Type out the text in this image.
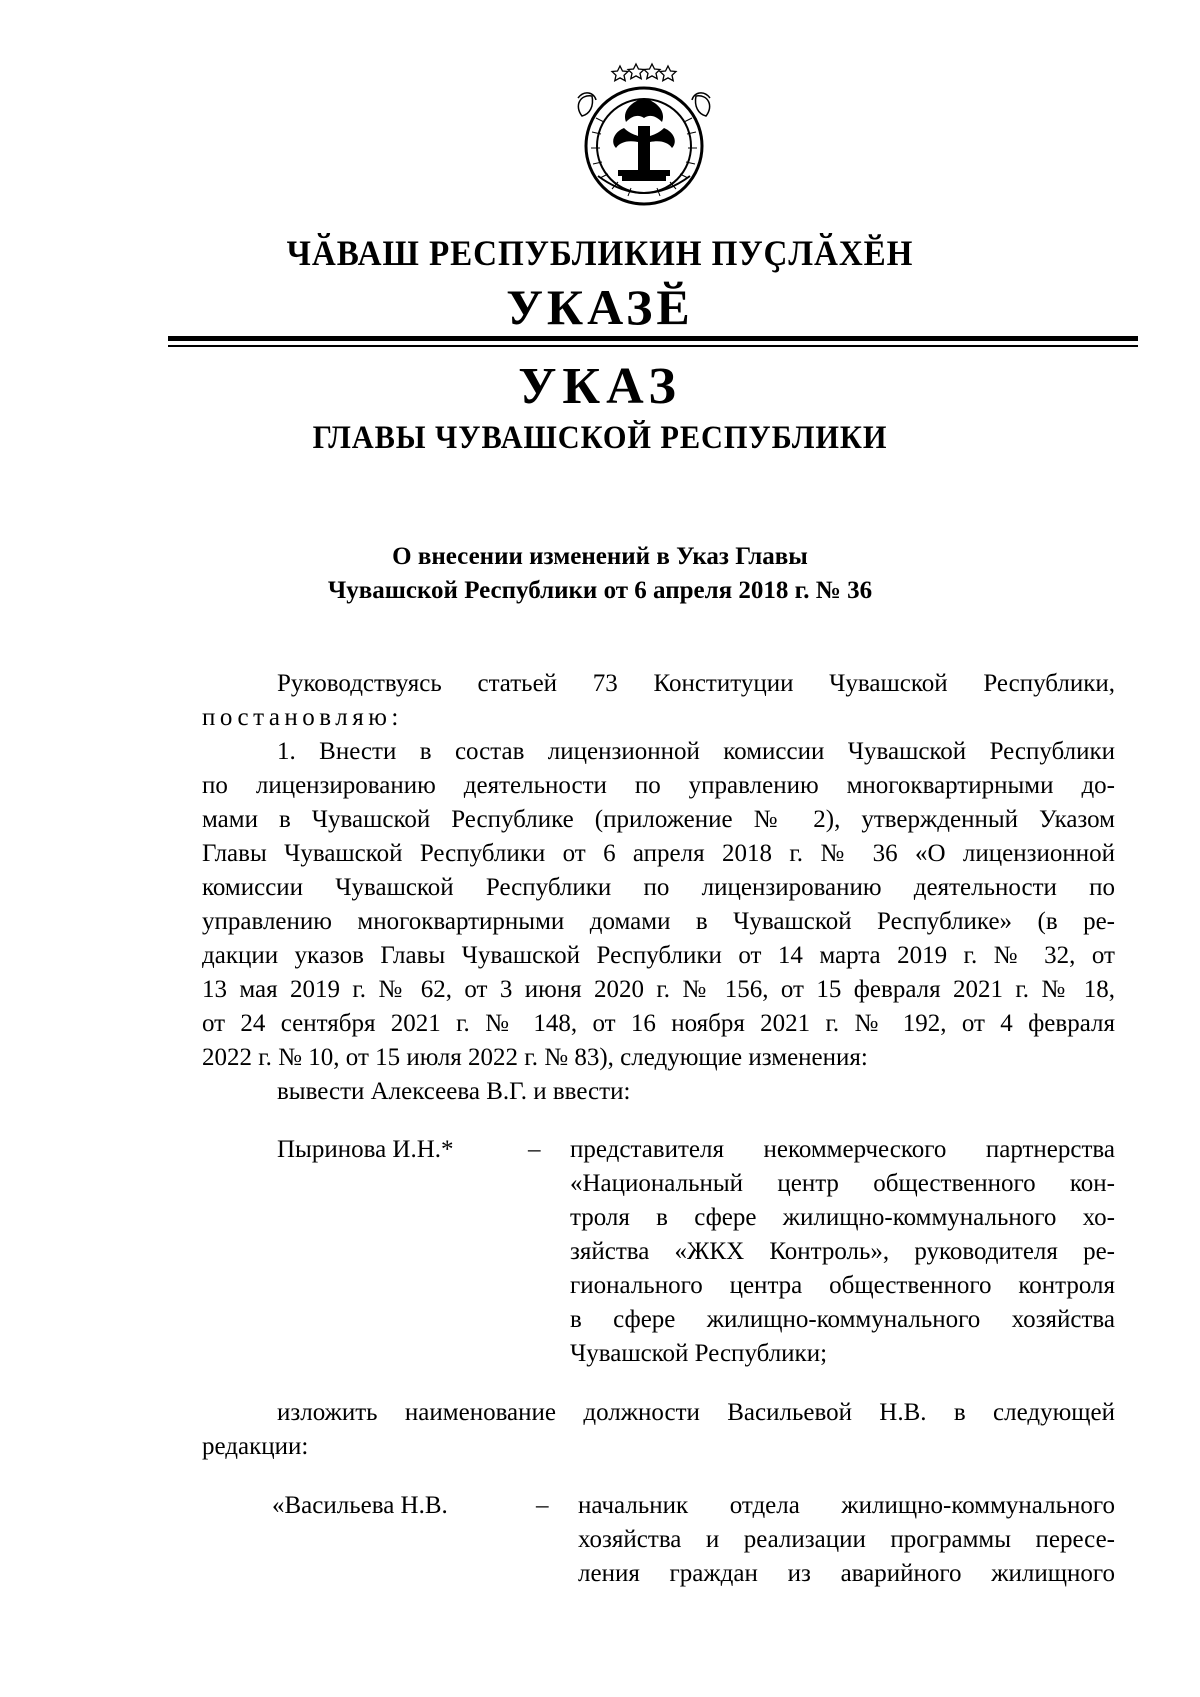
ЧӐВАШ РЕСПУБЛИКИН ПУҪЛӐХӖН
УКАЗӖ
УКАЗ
ГЛАВЫ ЧУВАШСКОЙ РЕСПУБЛИКИ
О внесении изменений в Указ Главы
Чувашской Республики от 6 апреля 2018 г. № 36
Руководствуясь статьей 73 Конституции Чувашской Республики,
постановляю:
1. Внести в состав лицензионной комиссии Чувашской Республики
по лицензированию деятельности по управлению многоквартирными до-
мами в Чувашской Республике (приложение № 2), утвержденный Указом
Главы Чувашской Республики от 6 апреля 2018 г. № 36 «О лицензионной
комиссии Чувашской Республики по лицензированию деятельности по
управлению многоквартирными домами в Чувашской Республике» (в ре-
дакции указов Главы Чувашской Республики от 14 марта 2019 г. № 32, от
13 мая 2019 г. № 62, от 3 июня 2020 г. № 156, от 15 февраля 2021 г. № 18,
от 24 сентября 2021 г. № 148, от 16 ноября 2021 г. № 192, от 4 февраля
2022 г. № 10, от 15 июля 2022 г. № 83), следующие изменения:
вывести Алексеева В.Г. и ввести:
Пыринова И.Н.*	– представителя некоммерческого партнерства
«Национальный центр общественного кон-
троля в сфере жилищно-коммунального хо-
зяйства «ЖКХ Контроль», руководителя ре-
гионального центра общественного контроля
в сфере жилищно-коммунального хозяйства
Чувашской Республики;
изложить наименование должности Васильевой Н.В. в следующей
редакции:
«Васильева Н.В.	– начальник отдела жилищно-коммунального
хозяйства и реализации программы пересе-
ления граждан из аварийного жилищного
